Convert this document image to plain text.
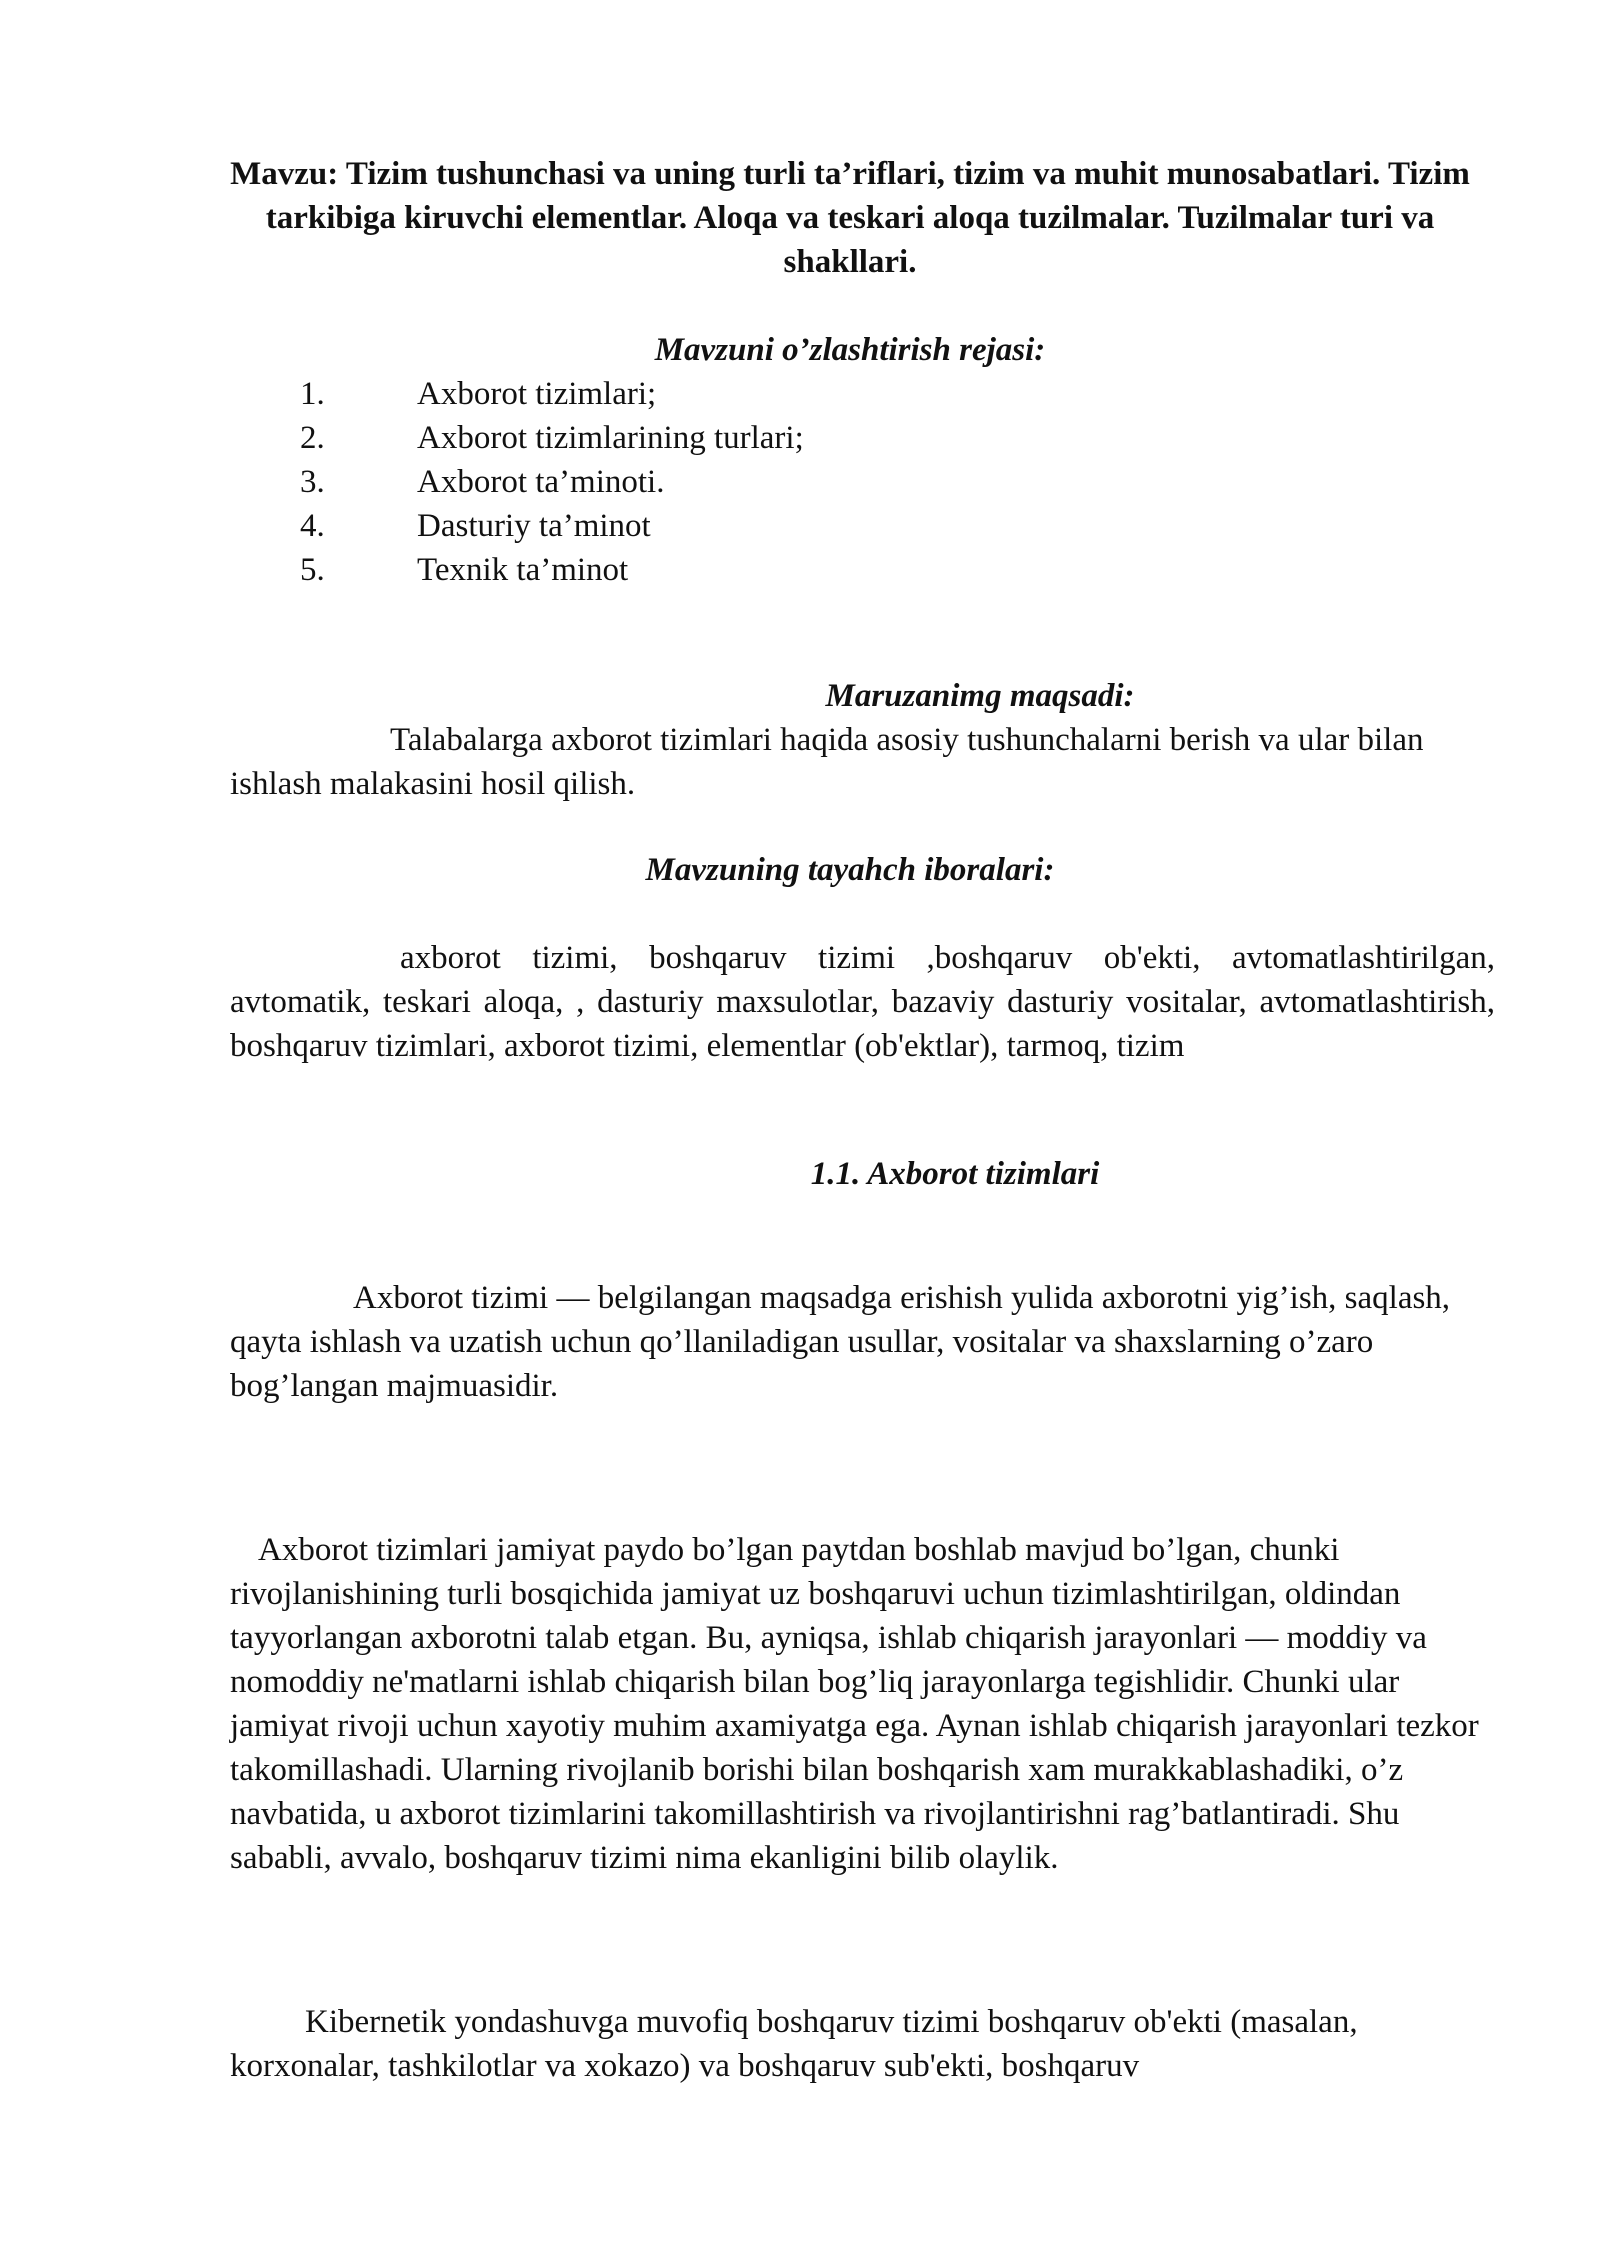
Mavzu: Tizim tushunchasi va uning turli ta’riflari, tizim va muhit munosabatlari. Tizim tarkibiga kiruvchi elementlar. Aloqa va teskari aloqa tuzilmalar. Tuzilmalar turi va shakllari.

Mavzuni o’zlashtirish rejasi:

1.	Axborot tizimlari;
2.	Axborot tizimlarining turlari;
3.	Axborot ta’minoti.
4.	Dasturiy ta’minot
5.	Texnik ta’minot

Maruzanimg maqsadi:

Talabalarga axborot tizimlari haqida asosiy tushunchalarni berish va ular bilan ishlash malakasini hosil qilish.

Mavzuning tayahch iboralari:

axborot tizimi, boshqaruv tizimi ,boshqaruv ob'ekti, avtomatlashtirilgan, avtomatik, teskari aloqa, , dasturiy maxsulotlar, bazaviy dasturiy vositalar, avtomatlashtirish, boshqaruv tizimlari, axborot tizimi, elementlar (ob'ektlar), tarmoq, tizim

1.1. Axborot tizimlari

Axborot tizimi — belgilangan maqsadga erishish yulida axborotni yig’ish, saqlash, qayta ishlash va uzatish uchun qo’llaniladigan usullar, vositalar va shaxslarning o’zaro bog’langan majmuasidir.

Axborot tizimlari jamiyat paydo bo’lgan paytdan boshlab mavjud bo’lgan, chunki rivojlanishining turli bosqichida jamiyat uz boshqaruvi uchun tizimlashtirilgan, oldindan tayyorlangan axborotni talab etgan. Bu, ayniqsa, ishlab chiqarish jarayonlari — moddiy va nomoddiy ne'matlarni ishlab chiqarish bilan bog’liq jarayonlarga tegishlidir. Chunki ular jamiyat rivoji uchun xayotiy muhim axamiyatga ega. Aynan ishlab chiqarish jarayonlari tezkor takomillashadi. Ularning rivojlanib borishi bilan boshqarish xam murakkablashadiki, o’z navbatida, u axborot tizimlarini takomillashtirish va rivojlantirishni rag’batlantiradi. Shu sababli, avvalo, boshqaruv tizimi nima ekanligini bilib olaylik.

Kibernetik yondashuvga muvofiq boshqaruv tizimi boshqaruv ob'ekti (masalan, korxonalar, tashkilotlar va xokazo) va boshqaruv sub'ekti, boshqaruv
